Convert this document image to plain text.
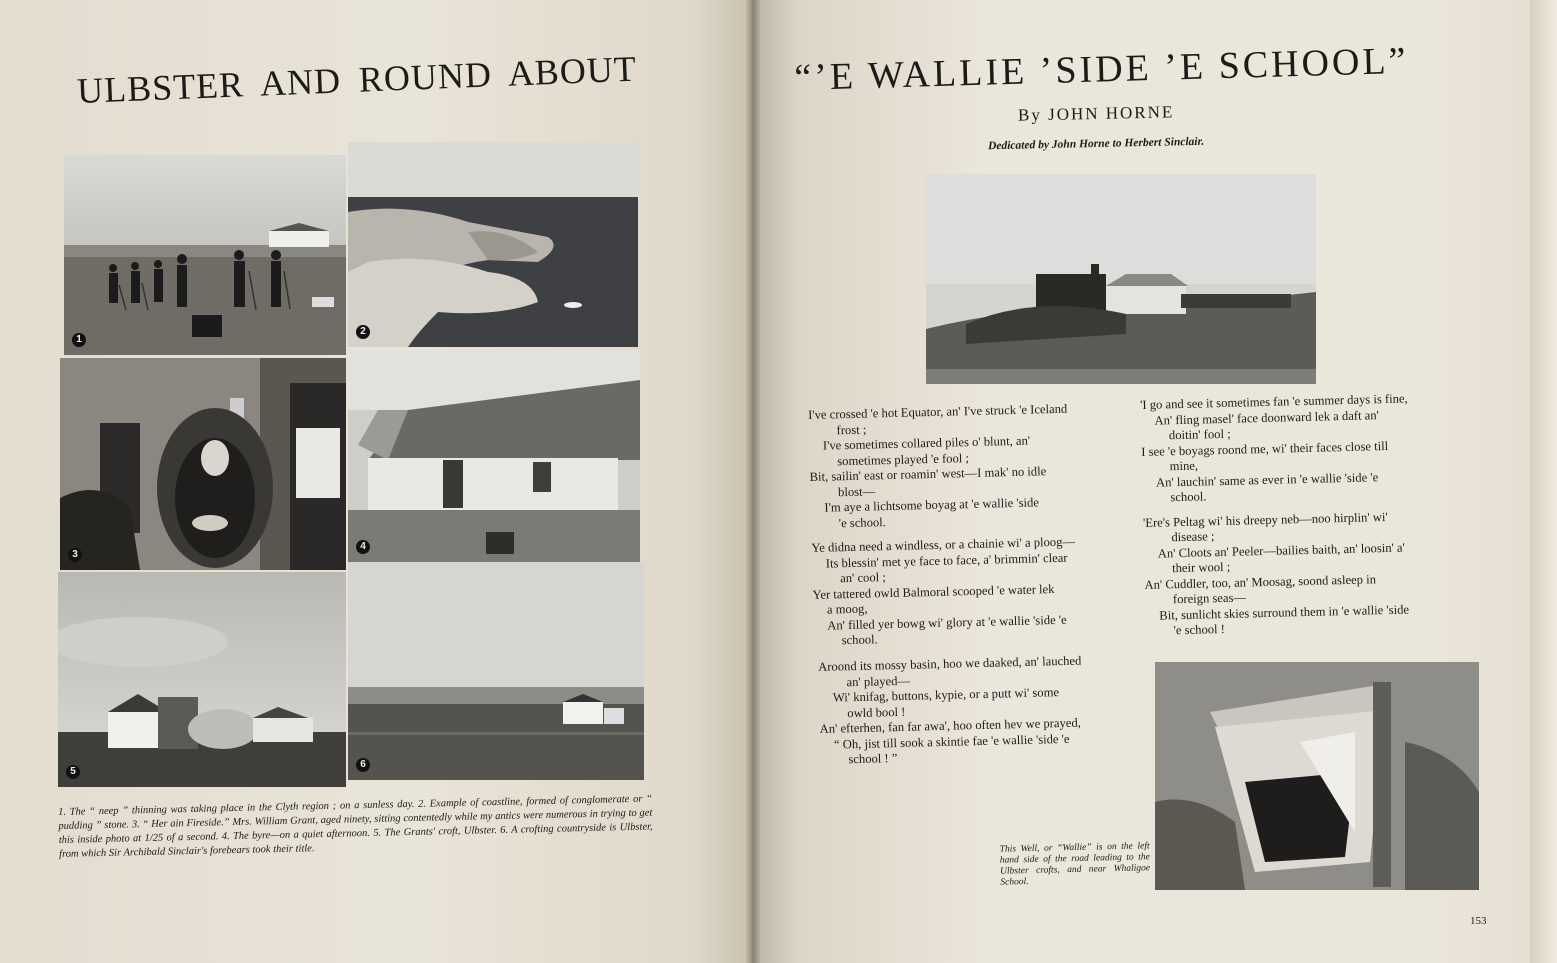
ULBSTER AND ROUND ABOUT
1
2
3
4
5
6

1. The “ neep ” thinning was taking place in the Clyth region ; on a sunless day. 2. Example of coastline, formed of conglomerate or “ pudding ” stone. 3. “ Her ain Fireside.” Mrs. William Grant, aged ninety, sitting contentedly while my antics were numerous in trying to get this inside photo at 1/25 of a second. 4. The byre—on a quiet afternoon. 5. The Grants' croft, Ulbster. 6. A crofting countryside is Ulbster, from which Sir Archibald Sinclair's forebears took their title.

“’E WALLIE ’SIDE ’E SCHOOL”

By JOHN HORNE

Dedicated by John Horne to Herbert Sinclair.

I've crossed 'e hot Equator, an' I've struck 'e Iceland
frost ;
I've sometimes collared piles o' blunt, an'
sometimes played 'e fool ;
Bit, sailin' east or roamin' west—I mak' no idle
blost—
I'm aye a lichtsome boyag at 'e wallie 'side
'e school.
Ye didna need a windless, or a chainie wi' a ploog—
Its blessin' met ye face to face, a' brimmin' clear
an' cool ;
Yer tattered owld Balmoral scooped 'e water lek
a moog,
An' filled yer bowg wi' glory at 'e wallie 'side 'e
school.
Aroond its mossy basin, hoo we daaked, an' lauched
an' played—
Wi' knifag, buttons, kypie, or a putt wi' some
owld bool !
An' efterhen, fan far awa', hoo often hev we prayed,
“ Oh, jist till sook a skintie fae 'e wallie 'side 'e
school ! ”
'I go and see it sometimes fan 'e summer days is fine,
An' fling masel' face doonward lek a daft an'
doitin' fool ;
I see 'e boyags roond me, wi' their faces close till
mine,
An' lauchin' same as ever in 'e wallie 'side 'e
school.
'Ere's Peltag wi' his dreepy neb—noo hirplin' wi'
disease ;
An' Cloots an' Peeler—bailies baith, an' loosin' a'
their wool ;
An' Cuddler, too, an' Moosag, soond asleep in
foreign seas—
Bit, sunlicht skies surround them in 'e wallie 'side
'e school !

This Well, or “Wallie” is on the left hand side of the road leading to the Ulbster crofts, and near Whaligoe School.

153
